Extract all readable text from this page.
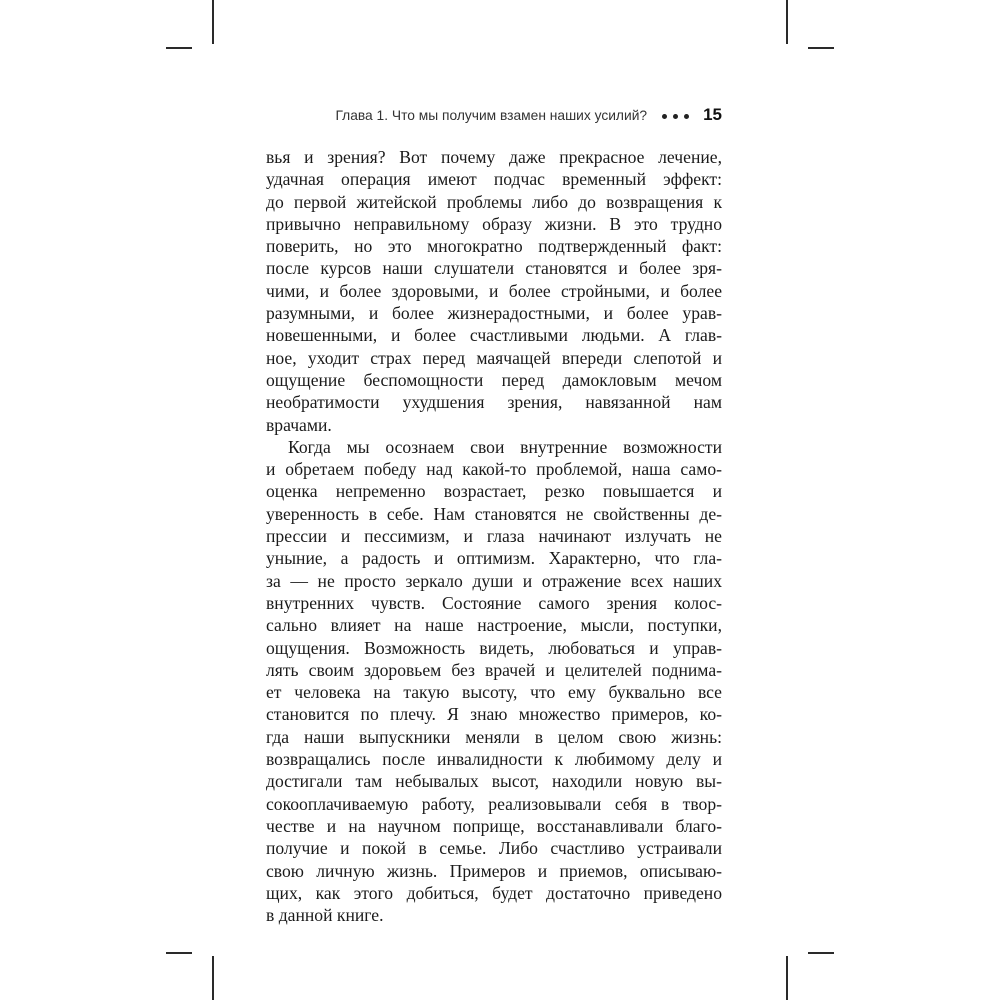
Глава 1. Что мы получим взамен наших усилий?	15
вья и зрения? Вот почему даже прекрасное лечение,
удачная операция имеют подчас временный эффект:
до первой житейской проблемы либо до возвращения к
привычно неправильному образу жизни. В это трудно
поверить, но это многократно подтвержденный факт:
после курсов наши слушатели становятся и более зря-
чими, и более здоровыми, и более стройными, и более
разумными, и более жизнерадостными, и более урав-
новешенными, и более счастливыми людьми. А глав-
ное, уходит страх перед маячащей впереди слепотой и
ощущение беспомощности перед дамокловым мечом
необратимости ухудшения зрения, навязанной нам
врачами.
Когда мы осознаем свои внутренние возможности
и обретаем победу над какой-то проблемой, наша само-
оценка непременно возрастает, резко повышается и
уверенность в себе. Нам становятся не свойственны де-
прессии и пессимизм, и глаза начинают излучать не
уныние, а радость и оптимизм. Характерно, что гла-
за — не просто зеркало души и отражение всех наших
внутренних чувств. Состояние самого зрения колос-
сально влияет на наше настроение, мысли, поступки,
ощущения. Возможность видеть, любоваться и управ-
лять своим здоровьем без врачей и целителей поднима-
ет человека на такую высоту, что ему буквально все
становится по плечу. Я знаю множество примеров, ко-
гда наши выпускники меняли в целом свою жизнь:
возвращались после инвалидности к любимому делу и
достигали там небывалых высот, находили новую вы-
сокооплачиваемую работу, реализовывали себя в твор-
честве и на научном поприще, восстанавливали благо-
получие и покой в семье. Либо счастливо устраивали
свою личную жизнь. Примеров и приемов, описываю-
щих, как этого добиться, будет достаточно приведено
в данной книге.
